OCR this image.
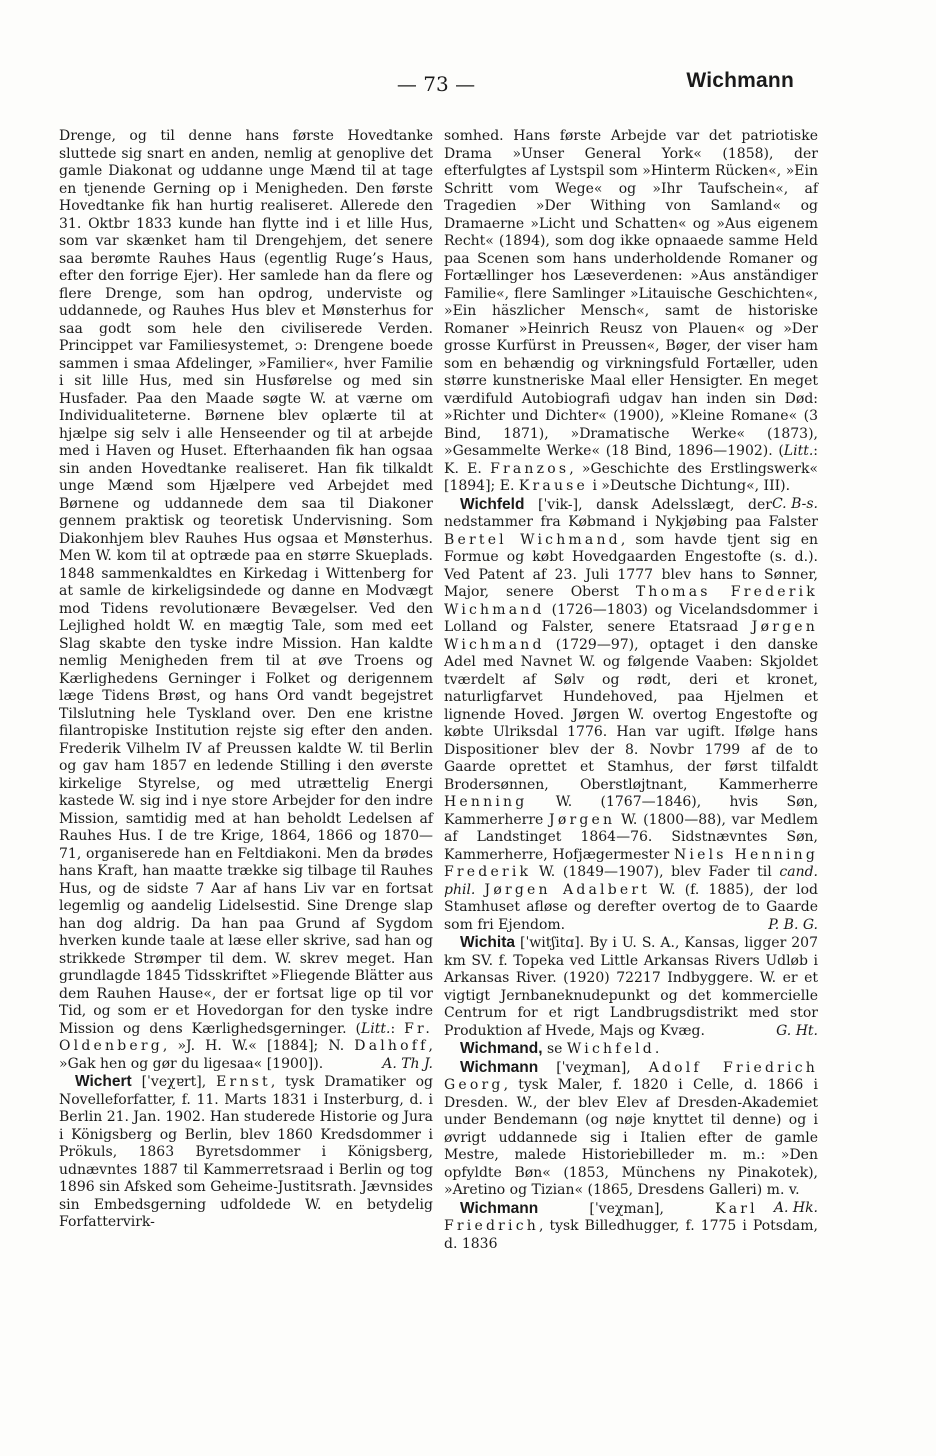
— 73 —	Wichmann

Drenge, og til denne hans første Hovedtanke sluttede sig snart en anden, nemlig at genoplive det gamle Diakonat og uddanne unge Mænd til at tage en tjenende Gerning op i Menigheden. Den første Hovedtanke fik han hurtig realiseret. Allerede den 31. Oktbr 1833 kunde han flytte ind i et lille Hus, som var skænket ham til Drengehjem, det senere saa berømte Rauhes Haus (egentlig Ruge’s Haus, efter den forrige Ejer). Her samlede han da flere og flere Drenge, som han opdrog, underviste og uddannede, og Rauhes Hus blev et Mønsterhus for saa godt som hele den civiliserede Verden. Princippet var Familiesystemet, ɔ: Drengene boede sammen i smaa Afdelinger, »Familier«, hver Familie i sit lille Hus, med sin Husførelse og med sin Husfader. Paa den Maade søgte W. at værne om Individualiteterne. Børnene blev oplærte til at hjælpe sig selv i alle Henseender og til at arbejde med i Haven og Huset. Efterhaanden fik han ogsaa sin anden Hovedtanke realiseret. Han fik tilkaldt unge Mænd som Hjælpere ved Arbejdet med Børnene og uddannede dem saa til Diakoner gennem praktisk og teoretisk Undervisning. Som Diakonhjem blev Rauhes Hus ogsaa et Mønsterhus. Men W. kom til at optræde paa en større Skueplads. 1848 sammenkaldtes en Kirkedag i Wittenberg for at samle de kirkeligsindede og danne en Modvægt mod Tidens revolutionære Bevægelser. Ved den Lejlighed holdt W. en mægtig Tale, som med eet Slag skabte den tyske indre Mission. Han kaldte nemlig Menigheden frem til at øve Troens og Kærlighedens Gerninger i Folket og derigennem læge Tidens Brøst, og hans Ord vandt begejstret Tilslutning hele Tyskland over. Den ene kristne filantropiske Institution rejste sig efter den anden. Frederik Vilhelm IV af Preussen kaldte W. til Berlin og gav ham 1857 en ledende Stilling i den øverste kirkelige Styrelse, og med utrættelig Energi kastede W. sig ind i nye store Arbejder for den indre Mission, samtidig med at han beholdt Ledelsen af Rauhes Hus. I de tre Krige, 1864, 1866 og 1870—71, organiserede han en Feltdiakoni. Men da brødes hans Kraft, han maatte trække sig tilbage til Rauhes Hus, og de sidste 7 Aar af hans Liv var en fortsat legemlig og aandelig Lidelsestid. Sine Drenge slap han dog aldrig. Da han paa Grund af Sygdom hverken kunde taale at læse eller skrive, sad han og strikkede Strømper til dem. W. skrev meget. Han grundlagde 1845 Tidsskriftet »Fliegende Blätter aus dem Rauhen Hause«, der er fortsat lige op til vor Tid, og som er et Hovedorgan for den tyske indre Mission og dens Kærlighedsgerninger. (Litt.: Fr. Oldenberg, »J. H. W.« [1884]; N. Dalhoff, »Gak hen og gør du ligesaa« [1900]).	A. Th J.

Wichert [ˈveχɐrt], Ernst, tysk Dramatiker og Novelleforfatter, f. 11. Marts 1831 i Insterburg, d. i Berlin 21. Jan. 1902. Han studerede Historie og Jura i Königsberg og Berlin, blev 1860 Kredsdommer i Prökuls, 1863 Byretsdommer i Königsberg, udnævntes 1887 til Kammerretsraad i Berlin og tog 1896 sin Afsked som Geheime-Justitsrath. Jævnsides sin Embedsgerning udfoldede W. en betydelig Forfattervirk-

somhed. Hans første Arbejde var det patriotiske Drama »Unser General York« (1858), der efterfulgtes af Lystspil som »Hinterm Rücken«, »Ein Schritt vom Wege« og »Ihr Taufschein«, af Tragedien »Der Withing von Samland« og Dramaerne »Licht und Schatten« og »Aus eigenem Recht« (1894), som dog ikke opnaaede samme Held paa Scenen som hans underholdende Romaner og Fortællinger hos Læseverdenen: »Aus anständiger Familie«, flere Samlinger »Litauische Geschichten«, »Ein häszlicher Mensch«, samt de historiske Romaner »Heinrich Reusz von Plauen« og »Der grosse Kurfürst in Preussen«, Bøger, der viser ham som en behændig og virkningsfuld Fortæller, uden større kunstneriske Maal eller Hensigter. En meget værdifuld Autobiografi udgav han inden sin Død: »Richter und Dichter« (1900), »Kleine Romane« (3 Bind, 1871), »Dramatische Werke« (1873), »Gesammelte Werke« (18 Bind, 1896—1902). (Litt.: K. E. Franzos, »Geschichte des Erstlingswerk« [1894]; E. Krause i »Deutsche Dichtung«, III).
C. B-s.

Wichfeld [ˈvik-], dansk Adelsslægt, der nedstammer fra Købmand i Nykjøbing paa Falster Bertel Wichmand, som havde tjent sig en Formue og købt Hovedgaarden Engestofte (s. d.). Ved Patent af 23. Juli 1777 blev hans to Sønner, Major, senere Oberst Thomas Frederik Wichmand (1726—1803) og Vicelandsdommer i Lolland og Falster, senere Etatsraad Jørgen Wichmand (1729—97), optaget i den danske Adel med Navnet W. og følgende Vaaben: Skjoldet tværdelt af Sølv og rødt, deri et kronet, naturligfarvet Hundehoved, paa Hjelmen et lignende Hoved. Jørgen W. overtog Engestofte og købte Ulriksdal 1776. Han var ugift. Ifølge hans Dispositioner blev der 8. Novbr 1799 af de to Gaarde oprettet et Stamhus, der først tilfaldt Brodersønnen, Oberstløjtnant, Kammerherre Henning W. (1767—1846), hvis Søn, Kammerherre Jørgen W. (1800—88), var Medlem af Landstinget 1864—76. Sidstnævntes Søn, Kammerherre, Hofjægermester Niels Henning Frederik W. (1849—1907), blev Fader til cand. phil. Jørgen Adalbert W. (f. 1885), der lod Stamhuset afløse og derefter overtog de to Gaarde som fri Ejendom.	P. B. G.

Wichita [ˈwitʃitɑ]. By i U. S. A., Kansas, ligger 207 km SV. f. Topeka ved Little Arkansas Rivers Udløb i Arkansas River. (1920) 72217 Indbyggere. W. er et vigtigt Jernbaneknudepunkt og det kommercielle Centrum for et rigt Landbrugsdistrikt med stor Produktion af Hvede, Majs og Kvæg.	G. Ht.

Wichmand, se Wichfeld.

Wichmann [ˈveχman], Adolf Friedrich Georg, tysk Maler, f. 1820 i Celle, d. 1866 i Dresden. W., der blev Elev af Dresden-Akademiet under Bendemann (og nøje knyttet til denne) og i øvrigt uddannede sig i Italien efter de gamle Mestre, malede Historiebilleder m. m.: »Den opfyldte Bøn« (1853, Münchens ny Pinakotek), »Aretino og Tizian« (1865, Dresdens Galleri) m. v.
A. Hk.

Wichmann [ˈveχman], Karl Friedrich, tysk Billedhugger, f. 1775 i Potsdam, d. 1836
